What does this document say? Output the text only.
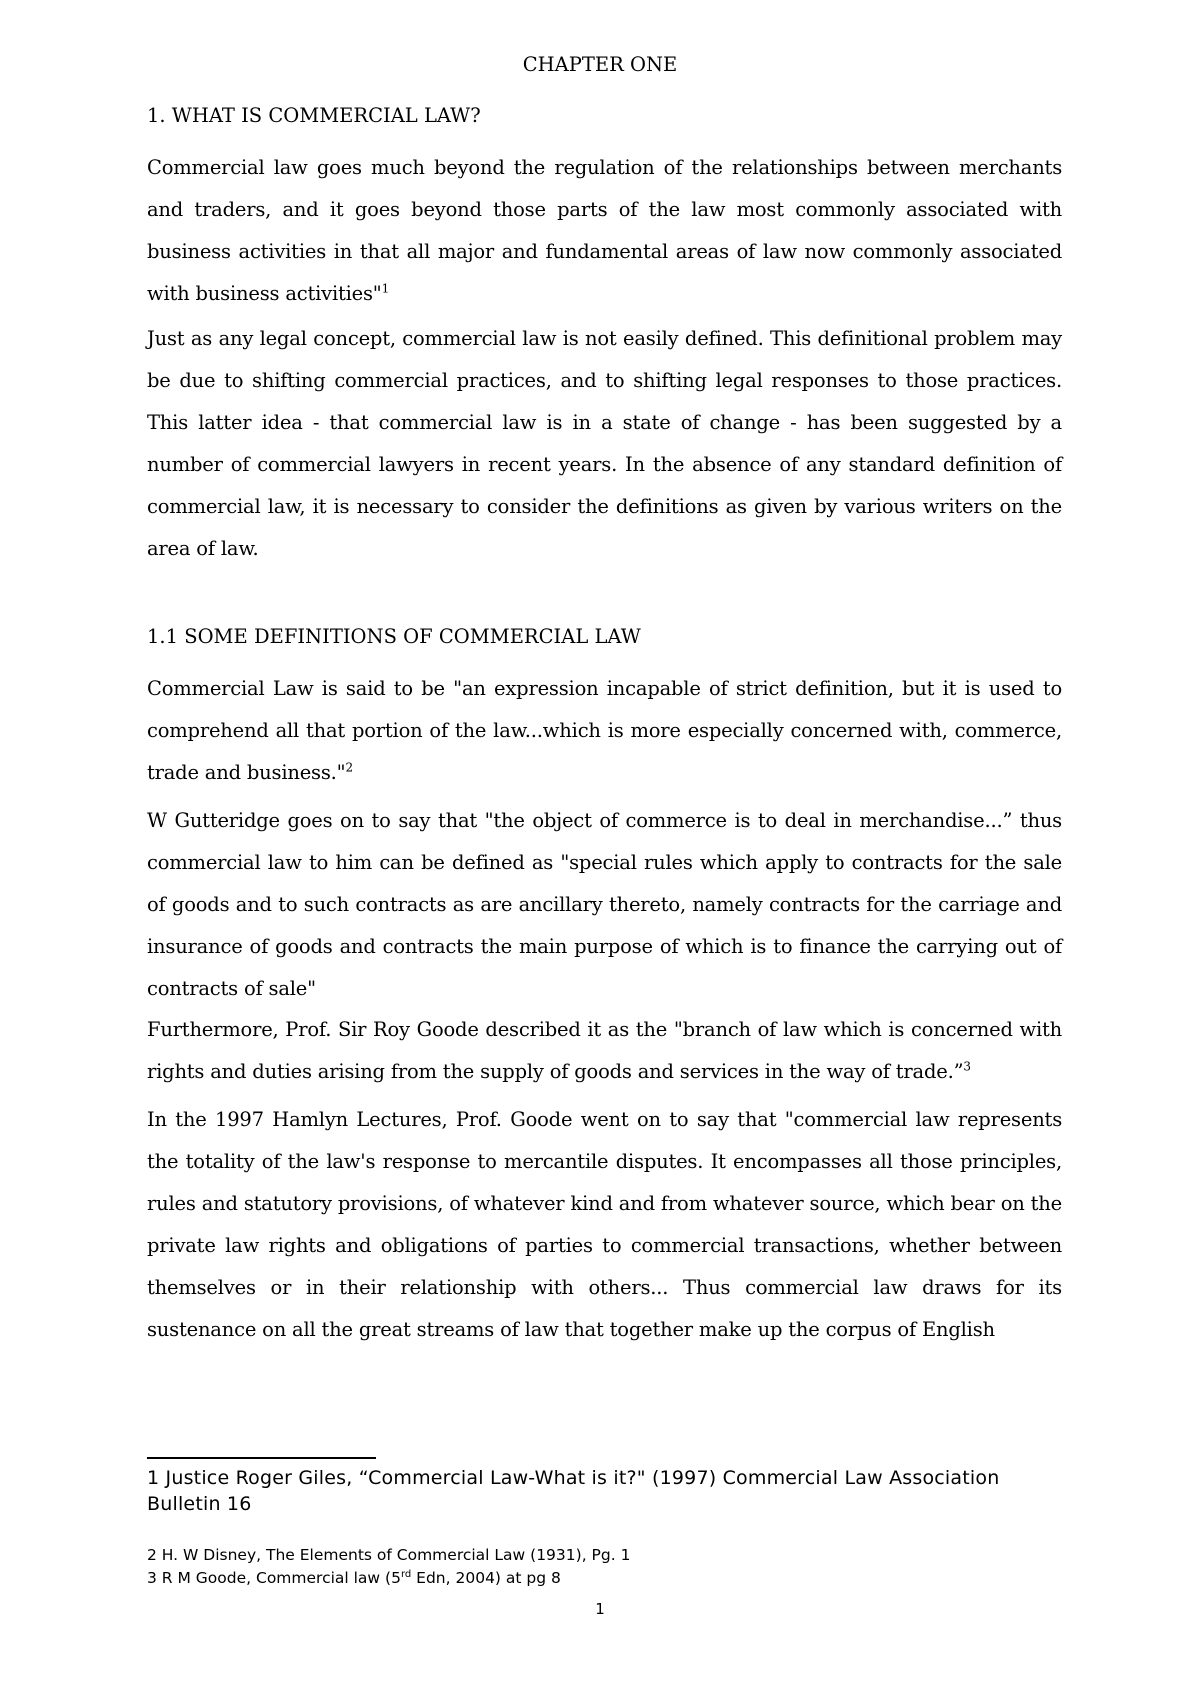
CHAPTER ONE
1. WHAT IS COMMERCIAL LAW?

Commercial law goes much beyond the regulation of the relationships between merchants and traders, and it goes beyond those parts of the law most commonly associated with business activities in that all major and fundamental areas of law now commonly associated with business activities"$^1$

Just as any legal concept, commercial law is not easily defined. This definitional problem may be due to shifting commercial practices, and to shifting legal responses to those practices. This latter idea - that commercial law is in a state of change - has been suggested by a number of commercial lawyers in recent years. In the absence of any standard definition of commercial law, it is necessary to consider the definitions as given by various writers on the area of law.

1.1 SOME DEFINITIONS OF COMMERCIAL LAW

Commercial Law is said to be "an expression incapable of strict definition, but it is used to comprehend all that portion of the law...which is more especially concerned with, commerce, trade and business."$^2$

W Gutteridge goes on to say that "the object of commerce is to deal in merchandise...” thus commercial law to him can be defined as "special rules which apply to contracts for the sale of goods and to such contracts as are ancillary thereto, namely contracts for the carriage and insurance of goods and contracts the main purpose of which is to finance the carrying out of contracts of sale"

Furthermore, Prof. Sir Roy Goode described it as the "branch of law which is concerned with rights and duties arising from the supply of goods and services in the way of trade.”$^3$

In the 1997 Hamlyn Lectures, Prof. Goode went on to say that "commercial law represents the totality of the law's response to mercantile disputes. It encompasses all those principles, rules and statutory provisions, of whatever kind and from whatever source, which bear on the private law rights and obligations of parties to commercial transactions, whether between themselves or in their relationship with others... Thus commercial law draws for its sustenance on all the great streams of law that together make up the corpus of English

1 Justice Roger Giles, “Commercial Law-What is it?" (1997) Commercial Law Association Bulletin 16
2 H. W Disney, The Elements of Commercial Law (1931), Pg. 1
3 R M Goode, Commercial law (5rd Edn, 2004) at pg 8
1
